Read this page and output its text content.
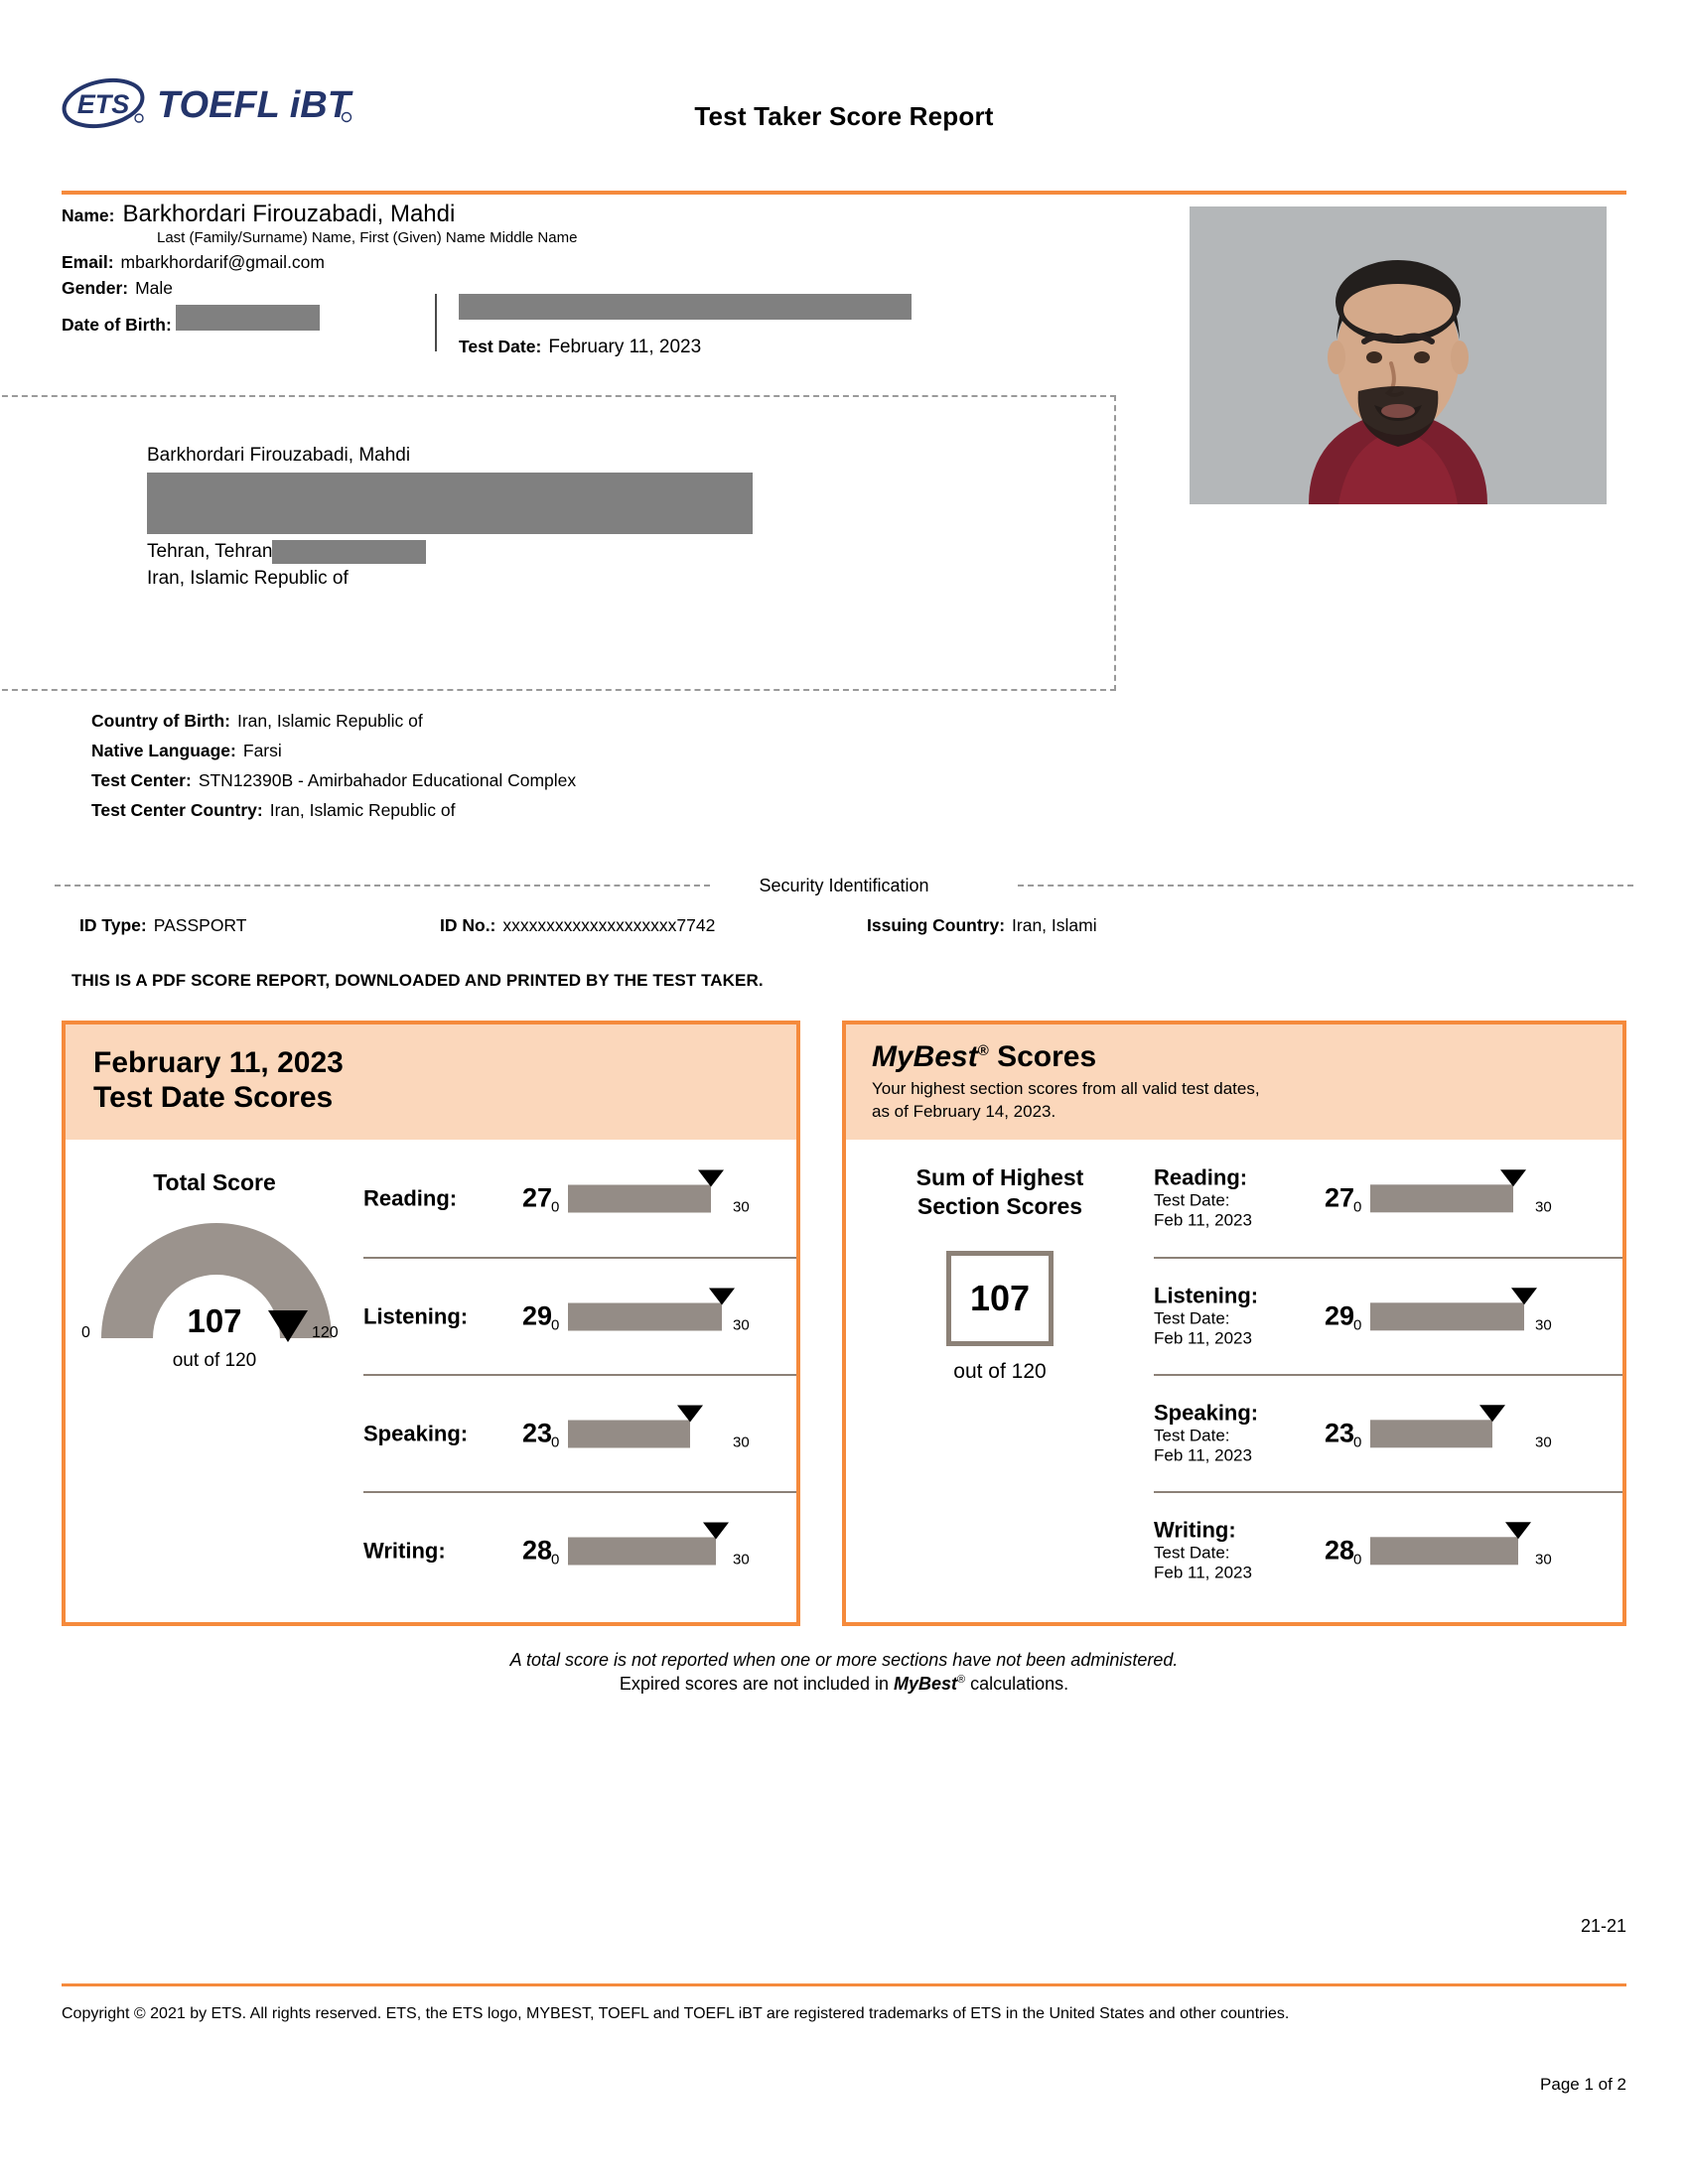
ETS TOEFL iBT	Test Taker Score Report
Name: Barkhordari Firouzabadi, Mahdi
Last (Family/Surname) Name, First (Given) Name Middle Name
Email: mbarkhordarif@gmail.com
Gender: Male
Date of Birth:
Test Date: February 11, 2023
Barkhordari Firouzabadi, Mahdi
Tehran, Tehran
Iran, Islamic Republic of
Country of Birth: Iran, Islamic Republic of
Native Language: Farsi
Test Center: STN12390B - Amirbahador Educational Complex
Test Center Country: Iran, Islamic Republic of
Security Identification
ID Type: PASSPORT	ID No.: xxxxxxxxxxxxxxxxxxxx7742	Issuing Country: Iran, Islami
THIS IS A PDF SCORE REPORT, DOWNLOADED AND PRINTED BY THE TEST TAKER.
February 11, 2023
Test Date Scores
Total Score
0	120
107
out of 120
Reading:	27 0	30
Listening:	29 0	30
Speaking:	23 0	30
Writing:	28 0	30
MyBest® Scores
Your highest section scores from all valid test dates,
as of February 14, 2023.
Sum of Highest
Section Scores
107
out of 120
Reading:
Test Date:
Feb 11, 2023
27 0	30
Listening:
Test Date:
Feb 11, 2023
29 0	30
Speaking:
Test Date:
Feb 11, 2023
23 0	30
Writing:
Test Date:
Feb 11, 2023
28 0	30
A total score is not reported when one or more sections have not been administered.
Expired scores are not included in MyBest® calculations.
21-21
Copyright © 2021 by ETS. All rights reserved. ETS, the ETS logo, MYBEST, TOEFL and TOEFL iBT are registered trademarks of ETS in the United States and other countries.
Page 1 of 2
